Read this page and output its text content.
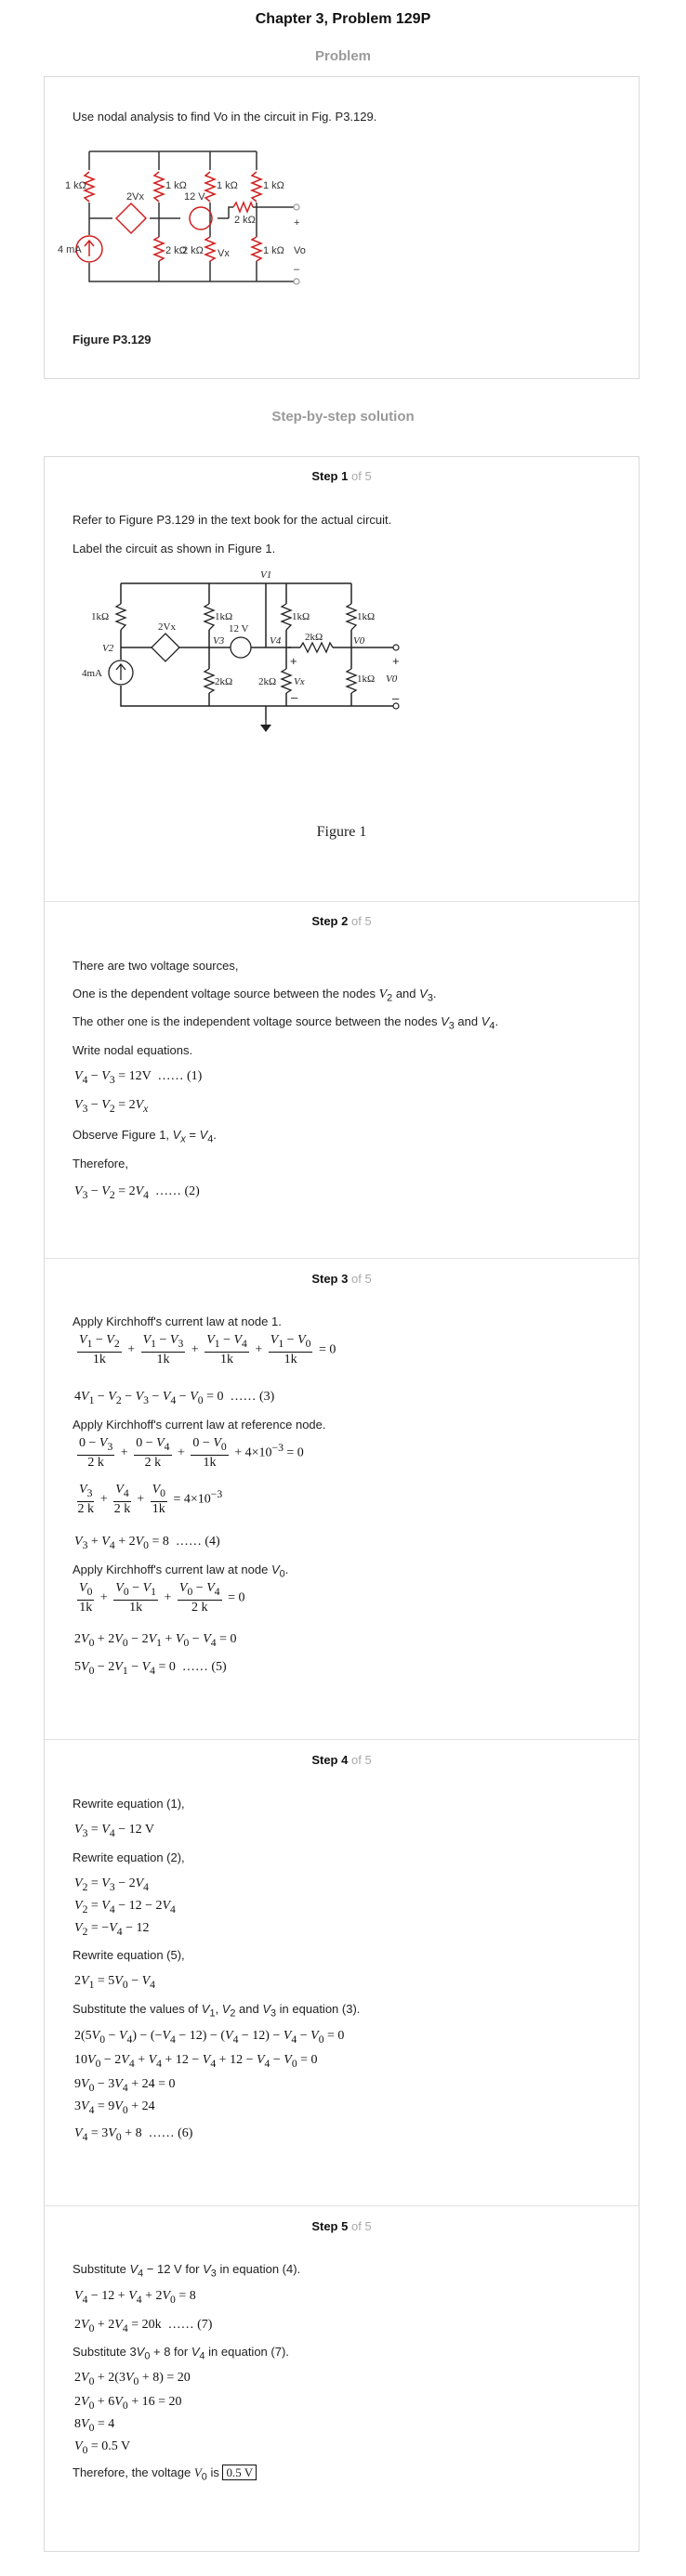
Chapter 3, Problem 129P
Problem
Use nodal analysis to find Vo in the circuit in Fig. P3.129.
1 kΩ	1 kΩ	1 kΩ 1 kΩ
2Vx	12 V
2 kΩ
2 kΩ
2 kΩ	1 kΩ
4 mA	Vx	Vo
+
–
Figure P3.129
Step-by-step solution
Step 1 of 5
Refer to Figure P3.129 in the text book for the actual circuit.
Label the circuit as shown in Figure 1.
1kΩ	1kΩ	1kΩ	1kΩ
2Vx	12 V
2kΩ
2kΩ	2kΩ	1kΩ
4mA
V1
V2
V3	V4	V0
Vx	V0
+
–
+
–
Figure 1
Step 2 of 5
There are two voltage sources,
One is the dependent voltage source between the nodes $V_2$ and $V_3$.
The other one is the independent voltage source between the nodes $V_3$ and $V_4$.
Write nodal equations.
$V_4 - V_3 = 12V$  …… (1)
$V_3 - V_2 = 2V_x$
Observe Figure 1, $V_x = V_4$.
Therefore,
$V_3 - V_2 = 2V_4$ …… (2)
Step 3 of 5
Apply Kirchhoff's current law at node 1.
$\frac{V_1 - V_2}{1k} + \frac{V_1 - V_3}{1k} + \frac{V_1 - V_4}{1k} + \frac{V_1 - V_0}{1k} = 0$
$4V_1 - V_2 - V_3 - V_4 - V_0 = 0$  …… (3)
Apply Kirchhoff's current law at reference node.
$\frac{0 - V_3}{2 k} + \frac{0 - V_4}{2 k} + \frac{0 - V_0}{1k} + 4\times 10^{-3} = 0$
$\frac{V_3}{2 k} + \frac{V_4}{2 k} + \frac{V_0}{1k} = 4\times 10^{-3}$
$V_3 + V_4 + 2V_0 = 8$  …… (4)
Apply Kirchhoff's current law at node $V_0$.
$\frac{V_0}{1k} + \frac{V_0 - V_1}{1k} + \frac{V_0 - V_4}{2 k} = 0$
$2V_0 + 2V_0 - 2V_1 + V_0 - V_4 = 0$
$5V_0 - 2V_1 - V_4 = 0$  …… (5)
Step 4 of 5
Rewrite equation (1),
$V_3 = V_4 - 12$ V
Rewrite equation (2),
$V_2 = V_3 - 2V_4$
$V_2 = V_4 - 12 - 2V_4$
$V_2 = -V_4 - 12$
Rewrite equation (5),
$2V_1 = 5V_0 - V_4$
Substitute the values of $V_1$, $V_2$ and $V_3$ in equation (3).
$2(5V_0 - V_4) - (-V_4 - 12) - (V_4 - 12) - V_4 - V_0 = 0$
$10V_0 - 2V_4 + V_4 + 12 - V_4 + 12 - V_4 - V_0 = 0$
$9V_0 - 3V_4 + 24 = 0$
$3V_4 = 9V_0 + 24$
$V_4 = 3V_0 + 8$  …… (6)
Step 5 of 5
Substitute $V_4 - 12$ V for $V_3$ in equation (4).
$V_4 - 12 + V_4 + 2V_0 = 8$
$2V_0 + 2V_4 = 20k$  …… (7)
Substitute $3V_0 + 8$ for $V_4$ in equation (7).
$2V_0 + 2(3V_0 + 8) = 20$
$2V_0 + 6V_0 + 16 = 20$
$8V_0 = 4$
$V_0 = 0.5$ V
Therefore, the voltage $V_0$ is 0.5 V
